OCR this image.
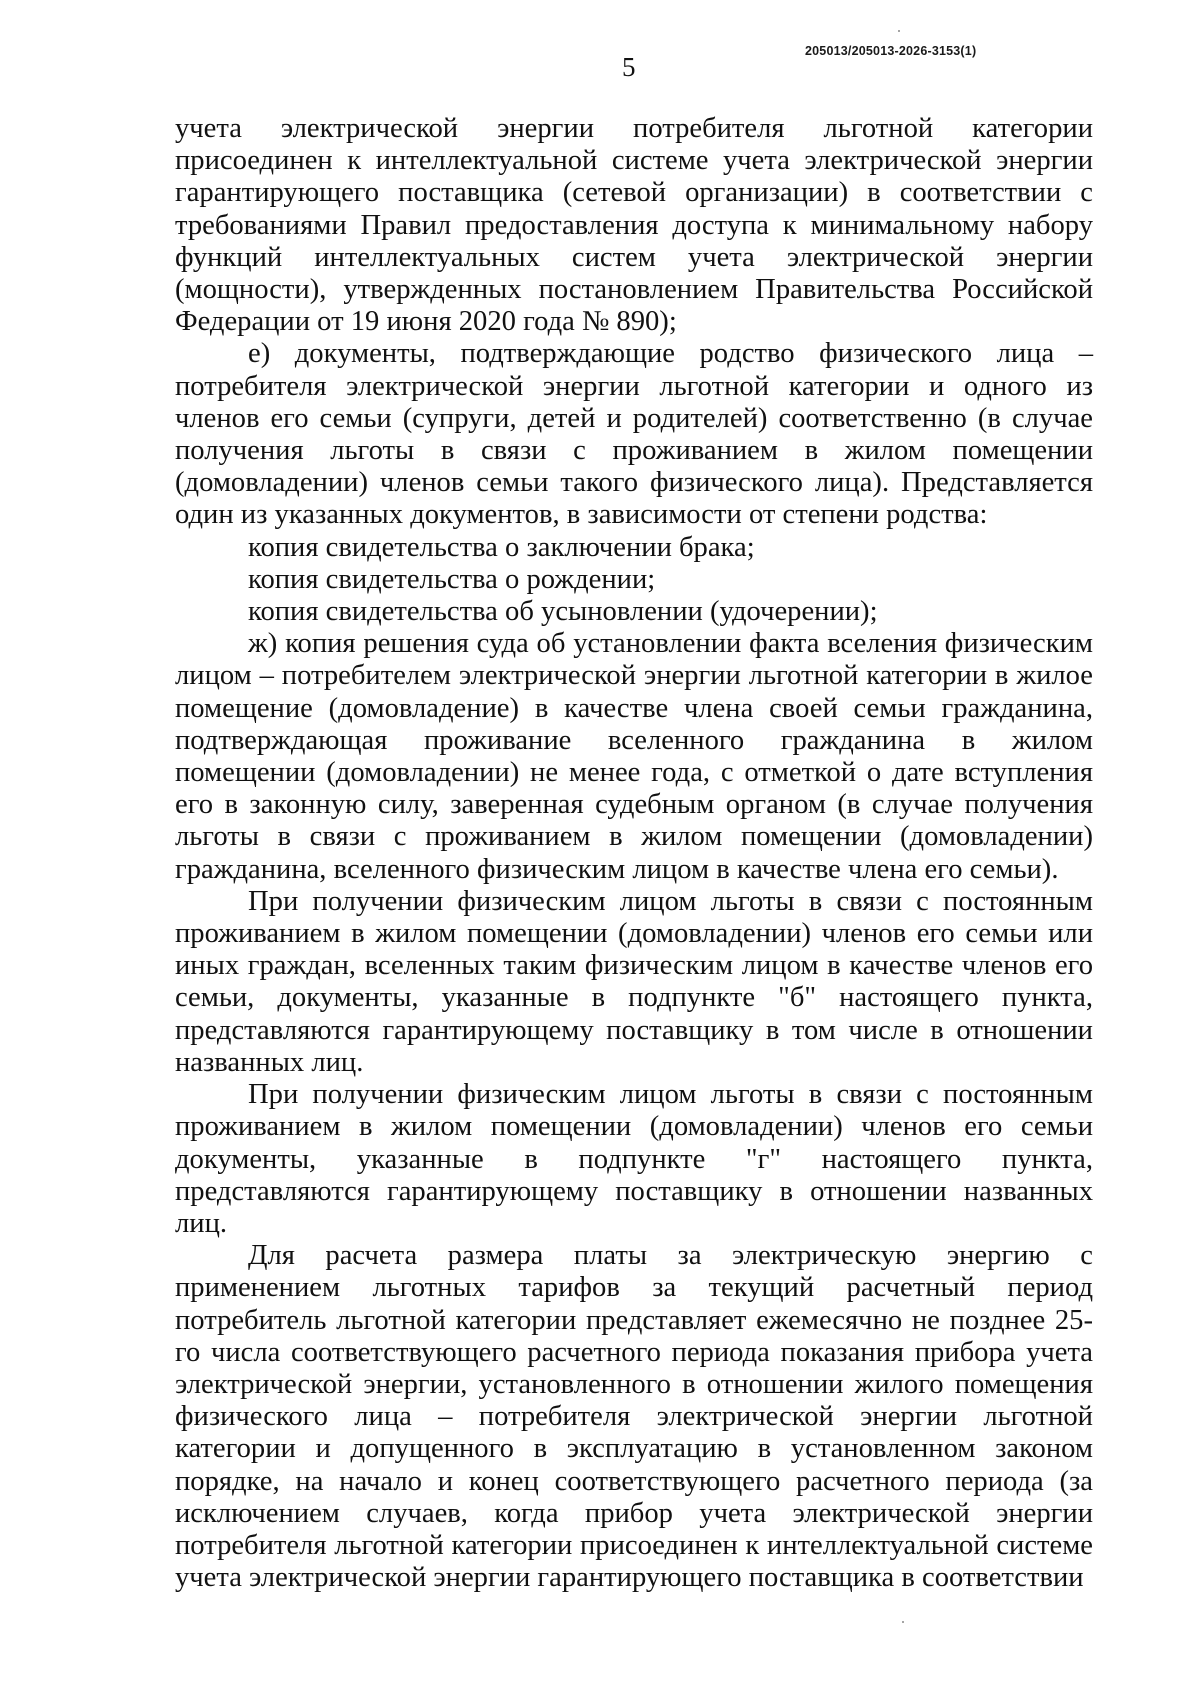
205013/205013-2026-3153(1)
5

учета электрической энергии потребителя льготной категории присоединен к интеллектуальной системе учета электрической энергии гарантирующего поставщика (сетевой организации) в соответствии с требованиями Правил предоставления доступа к минимальному набору функций интеллектуальных систем учета электрической энергии (мощности), утвержденных постановлением Правительства Российской Федерации от 19 июня 2020 года № 890);

е) документы, подтверждающие родство физического лица – потребителя электрической энергии льготной категории и одного из членов его семьи (супруги, детей и родителей) соответственно (в случае получения льготы в связи с проживанием в жилом помещении (домовладении) членов семьи такого физического лица). Представляется один из указанных документов, в зависимости от степени родства:

копия свидетельства о заключении брака;

копия свидетельства о рождении;

копия свидетельства об усыновлении (удочерении);

ж) копия решения суда об установлении факта вселения физическим лицом – потребителем электрической энергии льготной категории в жилое помещение (домовладение) в качестве члена своей семьи гражданина, подтверждающая проживание вселенного гражданина в жилом помещении (домовладении) не менее года, с отметкой о дате вступления его в законную силу, заверенная судебным органом (в случае получения льготы в связи с проживанием в жилом помещении (домовладении) гражданина, вселенного физическим лицом в качестве члена его семьи).

При получении физическим лицом льготы в связи с постоянным проживанием в жилом помещении (домовладении) членов его семьи или иных граждан, вселенных таким физическим лицом в качестве членов его семьи, документы, указанные в подпункте "б" настоящего пункта, представляются гарантирующему поставщику в том числе в отношении названных лиц.

При получении физическим лицом льготы в связи с постоянным проживанием в жилом помещении (домовладении) членов его семьи документы, указанные в подпункте "г" настоящего пункта, представляются гарантирующему поставщику в отношении названных лиц.

Для расчета размера платы за электрическую энергию с применением льготных тарифов за текущий расчетный период потребитель льготной категории представляет ежемесячно не позднее 25-го числа соответствующего расчетного периода показания прибора учета электрической энергии, установленного в отношении жилого помещения физического лица – потребителя электрической энергии льготной категории и допущенного в эксплуатацию в установленном законом порядке, на начало и конец соответствующего расчетного периода (за исключением случаев, когда прибор учета электрической энергии потребителя льготной категории присоединен к интеллектуальной системе учета электрической энергии гарантирующего поставщика в соответствии
